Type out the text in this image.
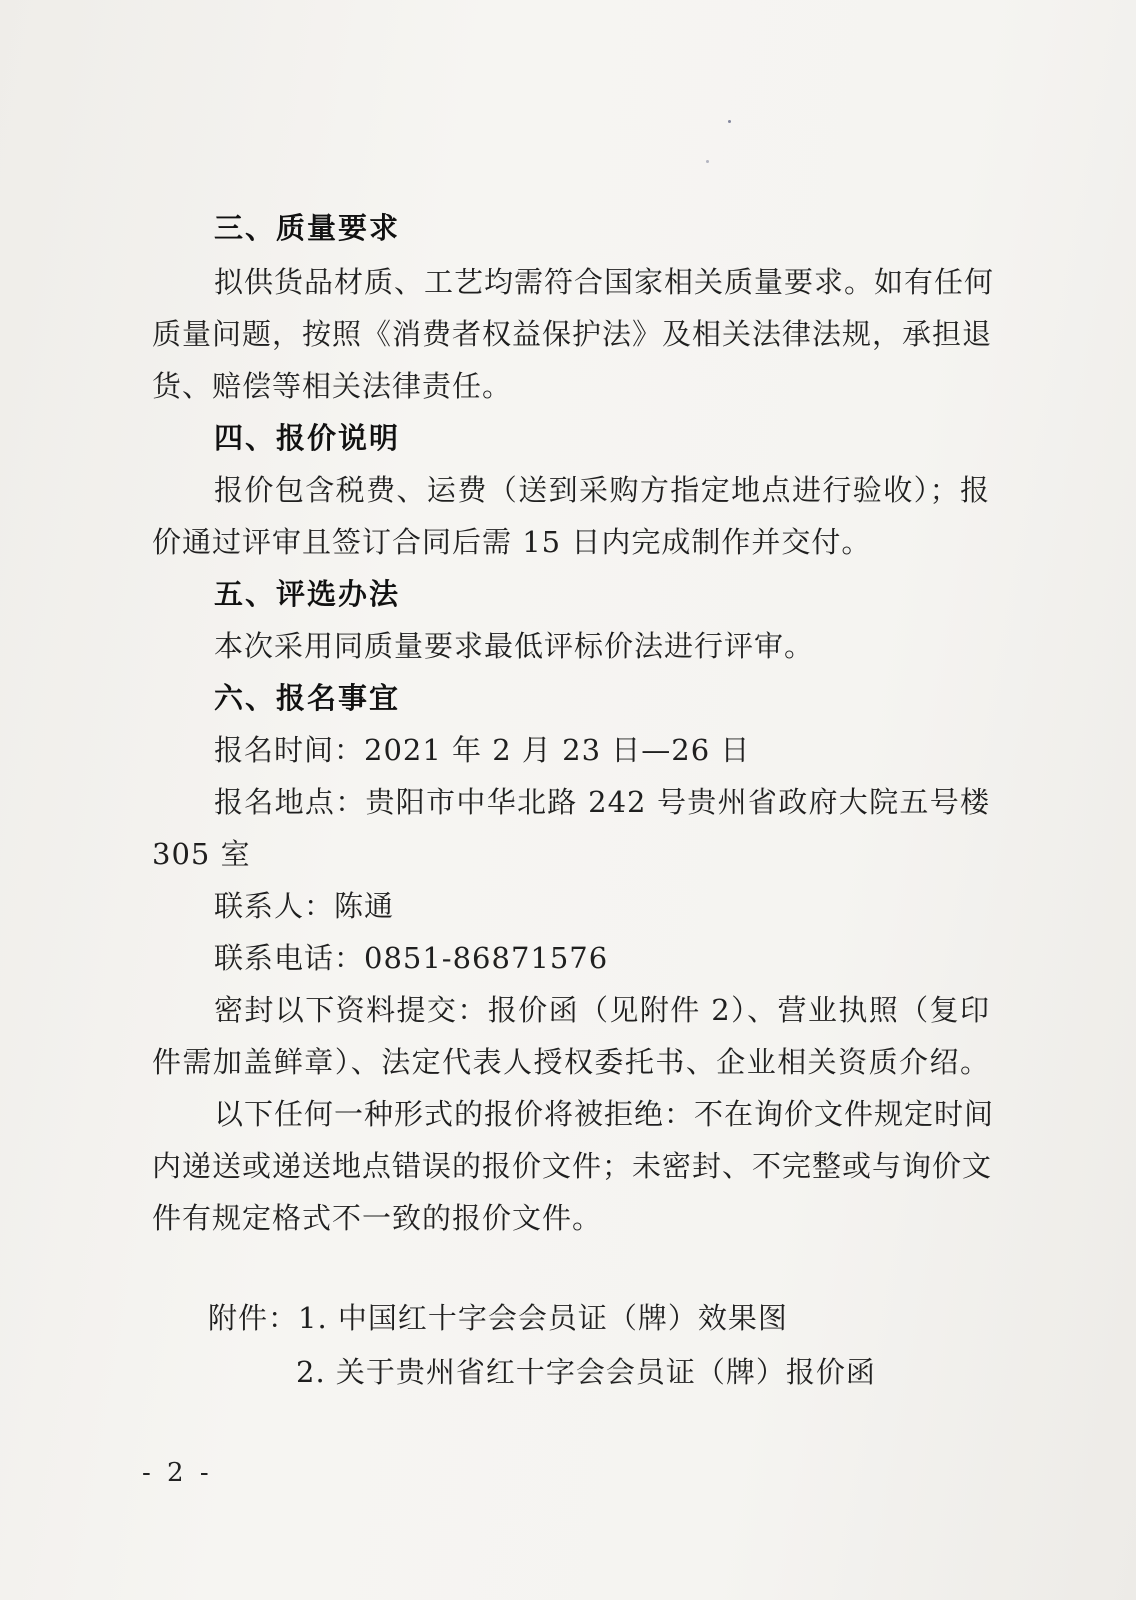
三、质量要求
拟供货品材质、工艺均需符合国家相关质量要求。如有任何
质量问题，按照《消费者权益保护法》及相关法律法规，承担退
货、赔偿等相关法律责任。
四、报价说明
报价包含税费、运费（送到采购方指定地点进行验收）；报
价通过评审且签订合同后需 15 日内完成制作并交付。
五、评选办法
本次采用同质量要求最低评标价法进行评审。
六、报名事宜
报名时间：2021 年 2 月 23 日—26 日
报名地点：贵阳市中华北路 242 号贵州省政府大院五号楼
305 室
联系人：陈通
联系电话：0851-86871576
密封以下资料提交：报价函（见附件 2）、营业执照（复印
件需加盖鲜章）、法定代表人授权委托书、企业相关资质介绍。
以下任何一种形式的报价将被拒绝：不在询价文件规定时间
内递送或递送地点错误的报价文件；未密封、不完整或与询价文
件有规定格式不一致的报价文件。
附件：1. 中国红十字会会员证（牌）效果图
2. 关于贵州省红十字会会员证（牌）报价函
- 2 -
